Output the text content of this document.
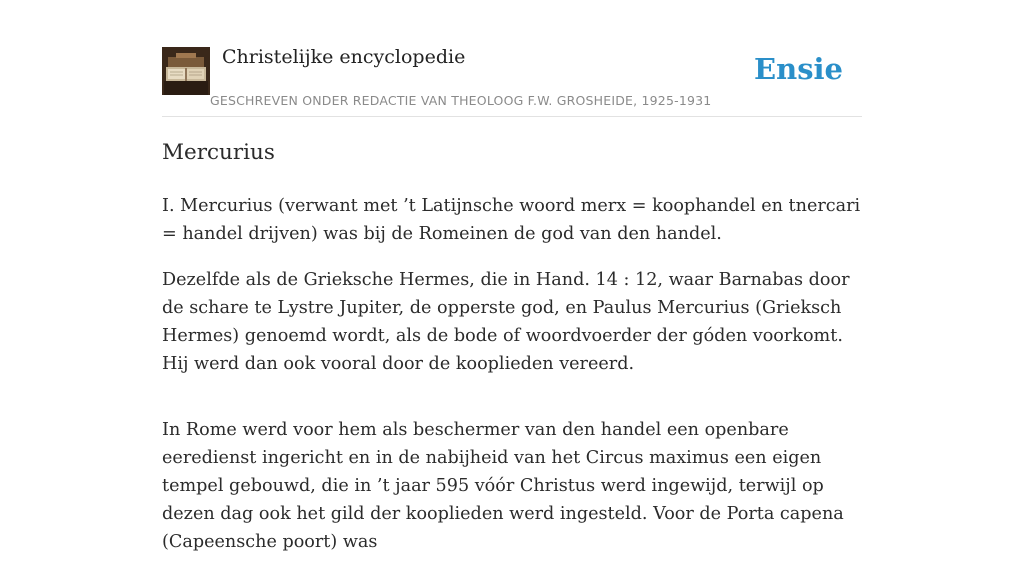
Christelijke encyclopedie
GESCHREVEN ONDER REDACTIE VAN THEOLOOG F.W. GROSHEIDE, 1925-1931
Ensie
Mercurius

I. Mercurius (verwant met ’t Latijnsche woord merx = koophandel en tnercari = handel drijven) was bij de Romeinen de god van den handel.

Dezelfde als de Grieksche Hermes, die in Hand. 14 : 12, waar Barnabas door de schare te Lystre Jupiter, de opperste god, en Paulus Mercurius (Grieksch Hermes) genoemd wordt, als de bode of woordvoerder der góden voorkomt. Hij werd dan ook vooral door de kooplieden vereerd.

In Rome werd voor hem als beschermer van den handel een openbare eeredienst ingericht en in de nabijheid van het Circus maximus een eigen tempel gebouwd, die in ’t jaar 595 vóór Christus werd ingewijd, terwijl op dezen dag ook het gild der kooplieden werd ingesteld. Voor de Porta capena (Capeensche poort) was
